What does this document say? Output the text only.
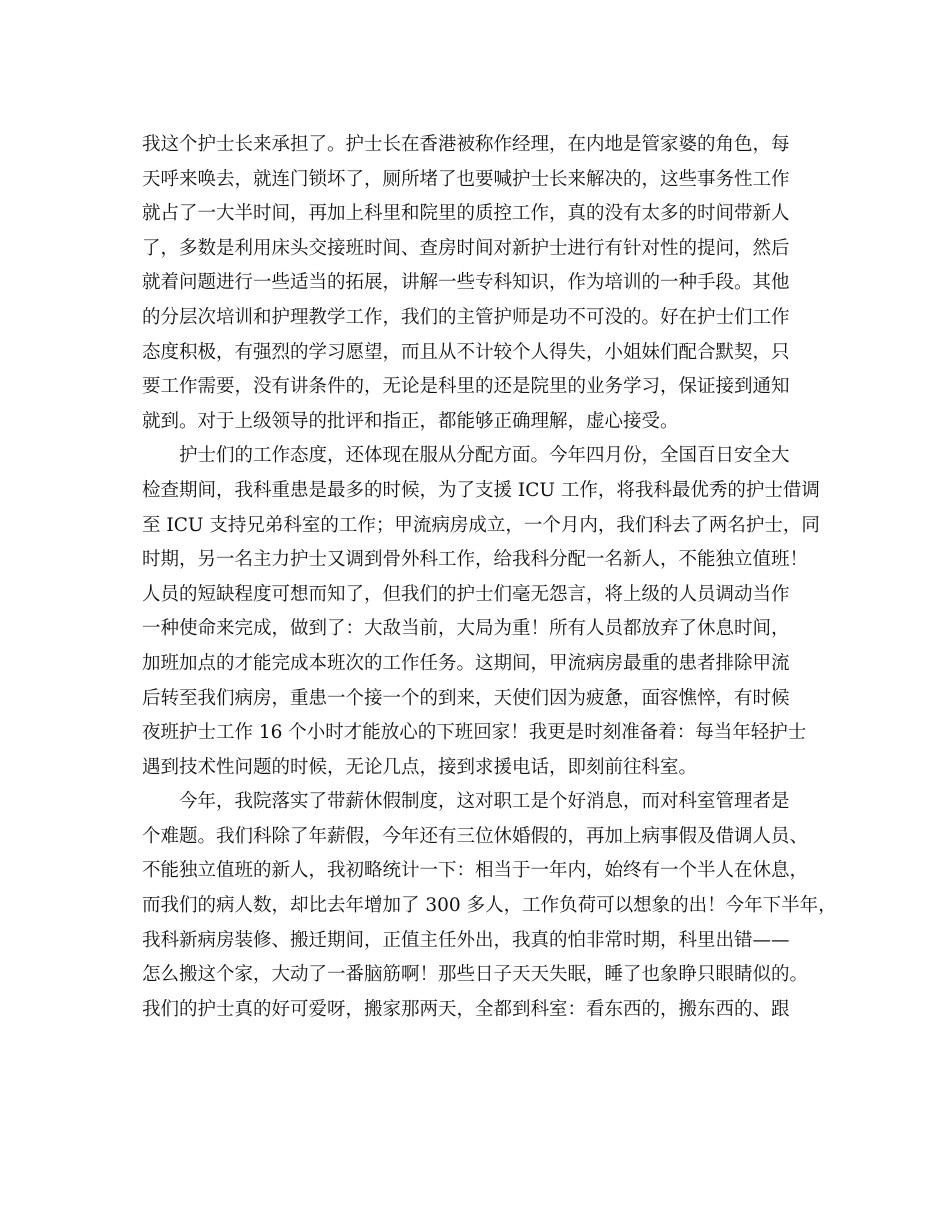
我这个护士长来承担了。护士长在香港被称作经理，在内地是管家婆的角色，每
天呼来唤去，就连门锁坏了，厕所堵了也要喊护士长来解决的，这些事务性工作
就占了一大半时间，再加上科里和院里的质控工作，真的没有太多的时间带新人
了，多数是利用床头交接班时间、查房时间对新护士进行有针对性的提问，然后
就着问题进行一些适当的拓展，讲解一些专科知识，作为培训的一种手段。其他
的分层次培训和护理教学工作，我们的主管护师是功不可没的。好在护士们工作
态度积极，有强烈的学习愿望，而且从不计较个人得失，小姐妹们配合默契，只
要工作需要，没有讲条件的，无论是科里的还是院里的业务学习，保证接到通知
就到。对于上级领导的批评和指正，都能够正确理解，虚心接受。
护士们的工作态度，还体现在服从分配方面。今年四月份，全国百日安全大
检查期间，我科重患是最多的时候，为了支援 ICU 工作，将我科最优秀的护士借调
至 ICU 支持兄弟科室的工作；甲流病房成立，一个月内，我们科去了两名护士，同
时期，另一名主力护士又调到骨外科工作，给我科分配一名新人，不能独立值班！
人员的短缺程度可想而知了，但我们的护士们毫无怨言，将上级的人员调动当作
一种使命来完成，做到了：大敌当前，大局为重！所有人员都放弃了休息时间，
加班加点的才能完成本班次的工作任务。这期间，甲流病房最重的患者排除甲流
后转至我们病房，重患一个接一个的到来，天使们因为疲惫，面容憔悴，有时候
夜班护士工作 16 个小时才能放心的下班回家！我更是时刻准备着：每当年轻护士
遇到技术性问题的时候，无论几点，接到求援电话，即刻前往科室。
今年，我院落实了带薪休假制度，这对职工是个好消息，而对科室管理者是
个难题。我们科除了年薪假，今年还有三位休婚假的，再加上病事假及借调人员、
不能独立值班的新人，我初略统计一下：相当于一年内，始终有一个半人在休息，
而我们的病人数，却比去年增加了 300 多人，工作负荷可以想象的出！今年下半年，
我科新病房装修、搬迁期间，正值主任外出，我真的怕非常时期，科里出错——
怎么搬这个家，大动了一番脑筋啊！那些日子天天失眠，睡了也象睁只眼睛似的。
我们的护士真的好可爱呀，搬家那两天，全都到科室：看东西的，搬东西的、跟
